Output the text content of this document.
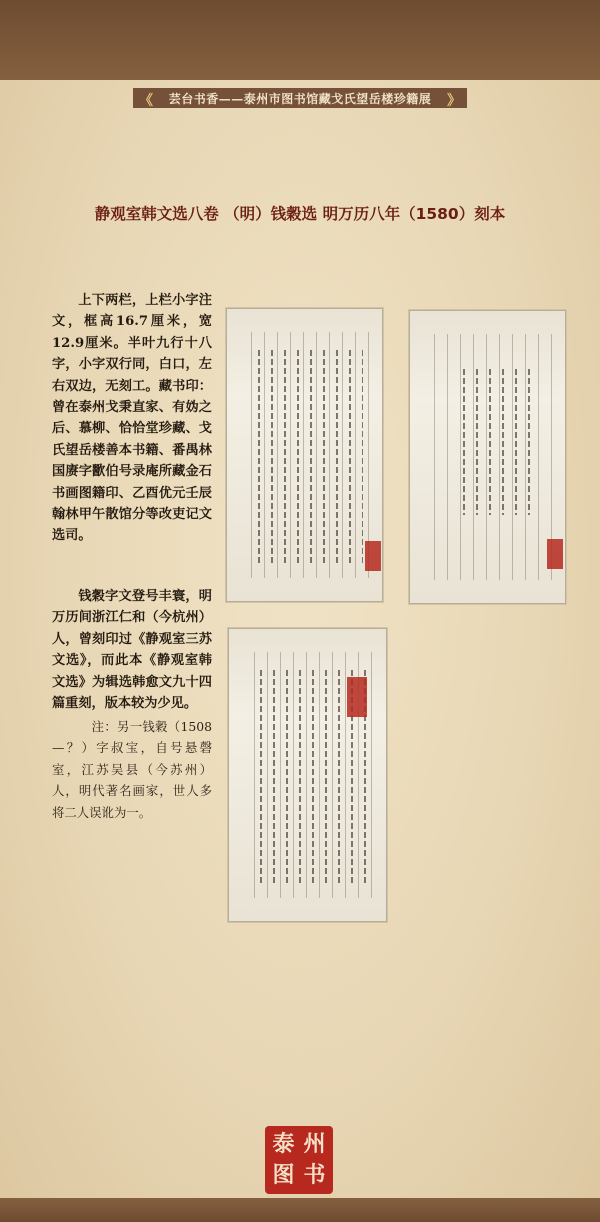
《 芸台书香——泰州市图书馆藏戈氏望岳楼珍籍展 》
静观室韩文选八卷 （明）钱穀选 明万历八年（1580）刻本

上下两栏，上栏小字注文，框高16.7厘米，宽12.9厘米。半叶九行十八字，小字双行同，白口，左右双边，无刻工。藏书印：曾在泰州戈秉直家、有妫之后、慕柳、恰恰堂珍藏、戈氏望岳楼善本书籍、番禺林国赓字歠伯号录庵所藏金石书画图籍印、乙酉优元壬辰翰林甲午散馆分等改吏记文选司。

钱穀字文登号丰寰，明万历间浙江仁和（今杭州）人，曾刻印过《静观室三苏文选》，而此本《静观室韩文选》为辑选韩愈文九十四篇重刻，版本较为少见。

注：另一钱穀（1508—？）字叔宝，自号悬磬室，江苏吴县（今苏州）人，明代著名画家，世人多将二人误讹为一。

泰 州
图 书
